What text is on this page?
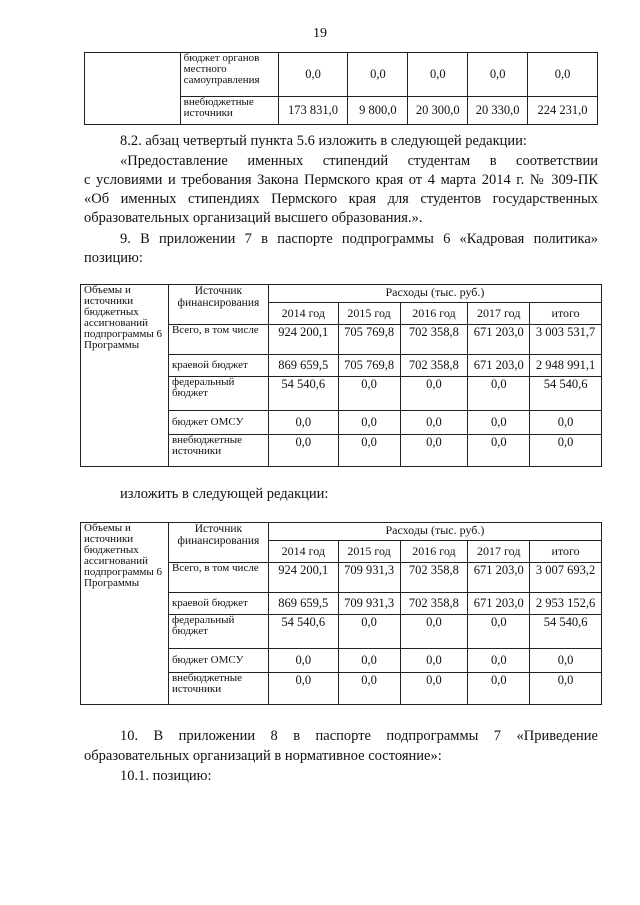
19
	бюджет органов местного самоуправления	0,0	0,0	0,0	0,0	0,0
	внебюджетные источники	173 831,0	9 800,0	20 300,0	20 330,0	224 231,0
8.2. абзац четвертый пункта 5.6 изложить в следующей редакции:
«Предоставление именных стипендий студентам в соответствии
с условиями и требования Закона Пермского края от 4 марта 2014 г. № 309-ПК
«Об именных стипендиях Пермского края для студентов государственных
образовательных организаций высшего образования.».
9. В приложении 7 в паспорте подпрограммы 6 «Кадровая политика»
позицию:
Объемы и источники бюджетных ассигнований подпрограммы 6 Программы	Источник финансирования	Расходы (тыс. руб.)				
		2014 год	2015 год	2016 год	2017 год	итого
	Всего, в том числе	924 200,1	705 769,8	702 358,8	671 203,0	3 003 531,7
	краевой бюджет	869 659,5	705 769,8	702 358,8	671 203,0	2 948 991,1
	федеральный бюджет	54 540,6	0,0	0,0	0,0	54 540,6
	бюджет ОМСУ	0,0	0,0	0,0	0,0	0,0
	внебюджетные источники	0,0	0,0	0,0	0,0	0,0
изложить в следующей редакции:
Объемы и источники бюджетных ассигнований подпрограммы 6 Программы	Источник финансирования	Расходы (тыс. руб.)				
		2014 год	2015 год	2016 год	2017 год	итого
	Всего, в том числе	924 200,1	709 931,3	702 358,8	671 203,0	3 007 693,2
	краевой бюджет	869 659,5	709 931,3	702 358,8	671 203,0	2 953 152,6
	федеральный бюджет	54 540,6	0,0	0,0	0,0	54 540,6
	бюджет ОМСУ	0,0	0,0	0,0	0,0	0,0
	внебюджетные источники	0,0	0,0	0,0	0,0	0,0
10. В приложении 8 в паспорте подпрограммы 7 «Приведение
образовательных организаций в нормативное состояние»:
10.1. позицию:
